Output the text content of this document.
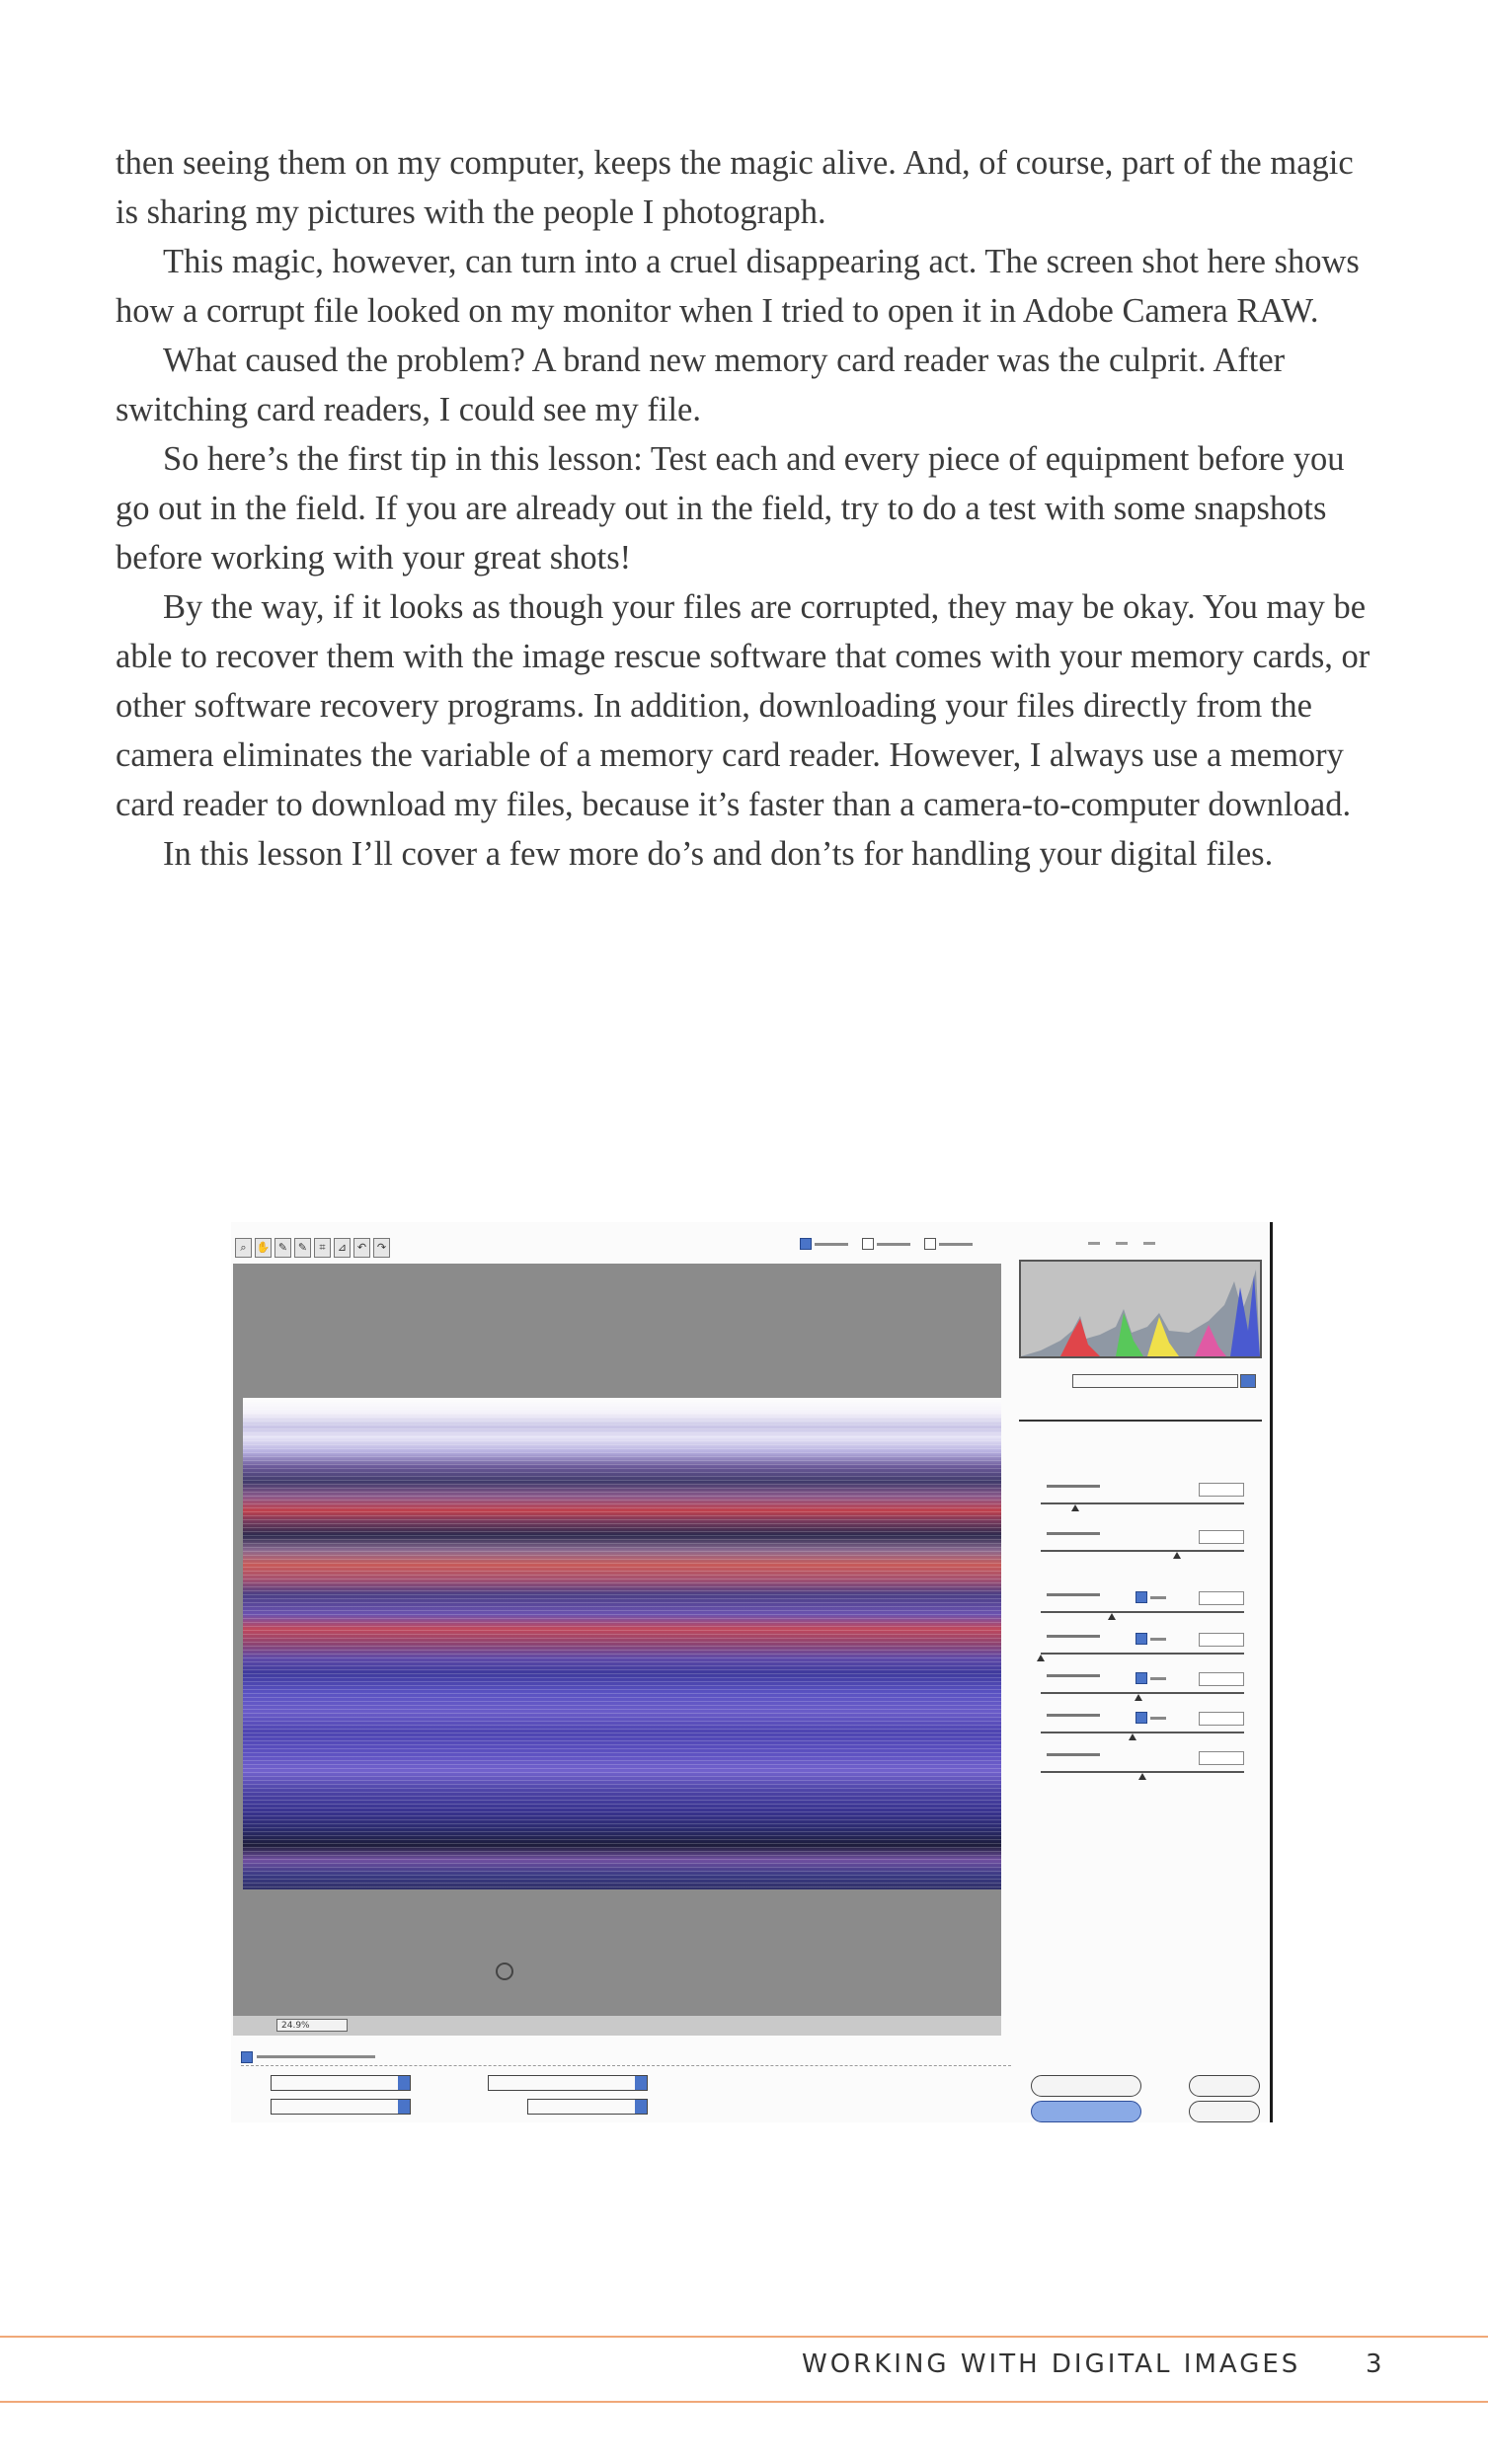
then seeing them on my computer, keeps the magic alive. And, of course, part of the magic is sharing my pictures with the people I photograph.

This magic, however, can turn into a cruel disappearing act. The screen shot here shows how a corrupt file looked on my monitor when I tried to open it in Adobe Camera RAW.

What caused the problem? A brand new memory card reader was the culprit. After switching card readers, I could see my file.

So here’s the first tip in this lesson: Test each and every piece of equipment before you go out in the field. If you are already out in the field, try to do a test with some snapshots before working with your great shots!

By the way, if it looks as though your files are corrupted, they may be okay. You may be able to recover them with the image rescue software that comes with your memory cards, or other software recovery programs. In addition, downloading your files directly from the camera eliminates the variable of a memory card reader. However, I always use a memory card reader to download my files, because it’s faster than a camera-to-computer download.

In this lesson I’ll cover a few more do’s and don’ts for handling your digital files.

⌕ ✋ ✎ ✎	⌗	⊿ ↶ ↷
24.9%
WORKING WITH DIGITAL IMAGES	3
